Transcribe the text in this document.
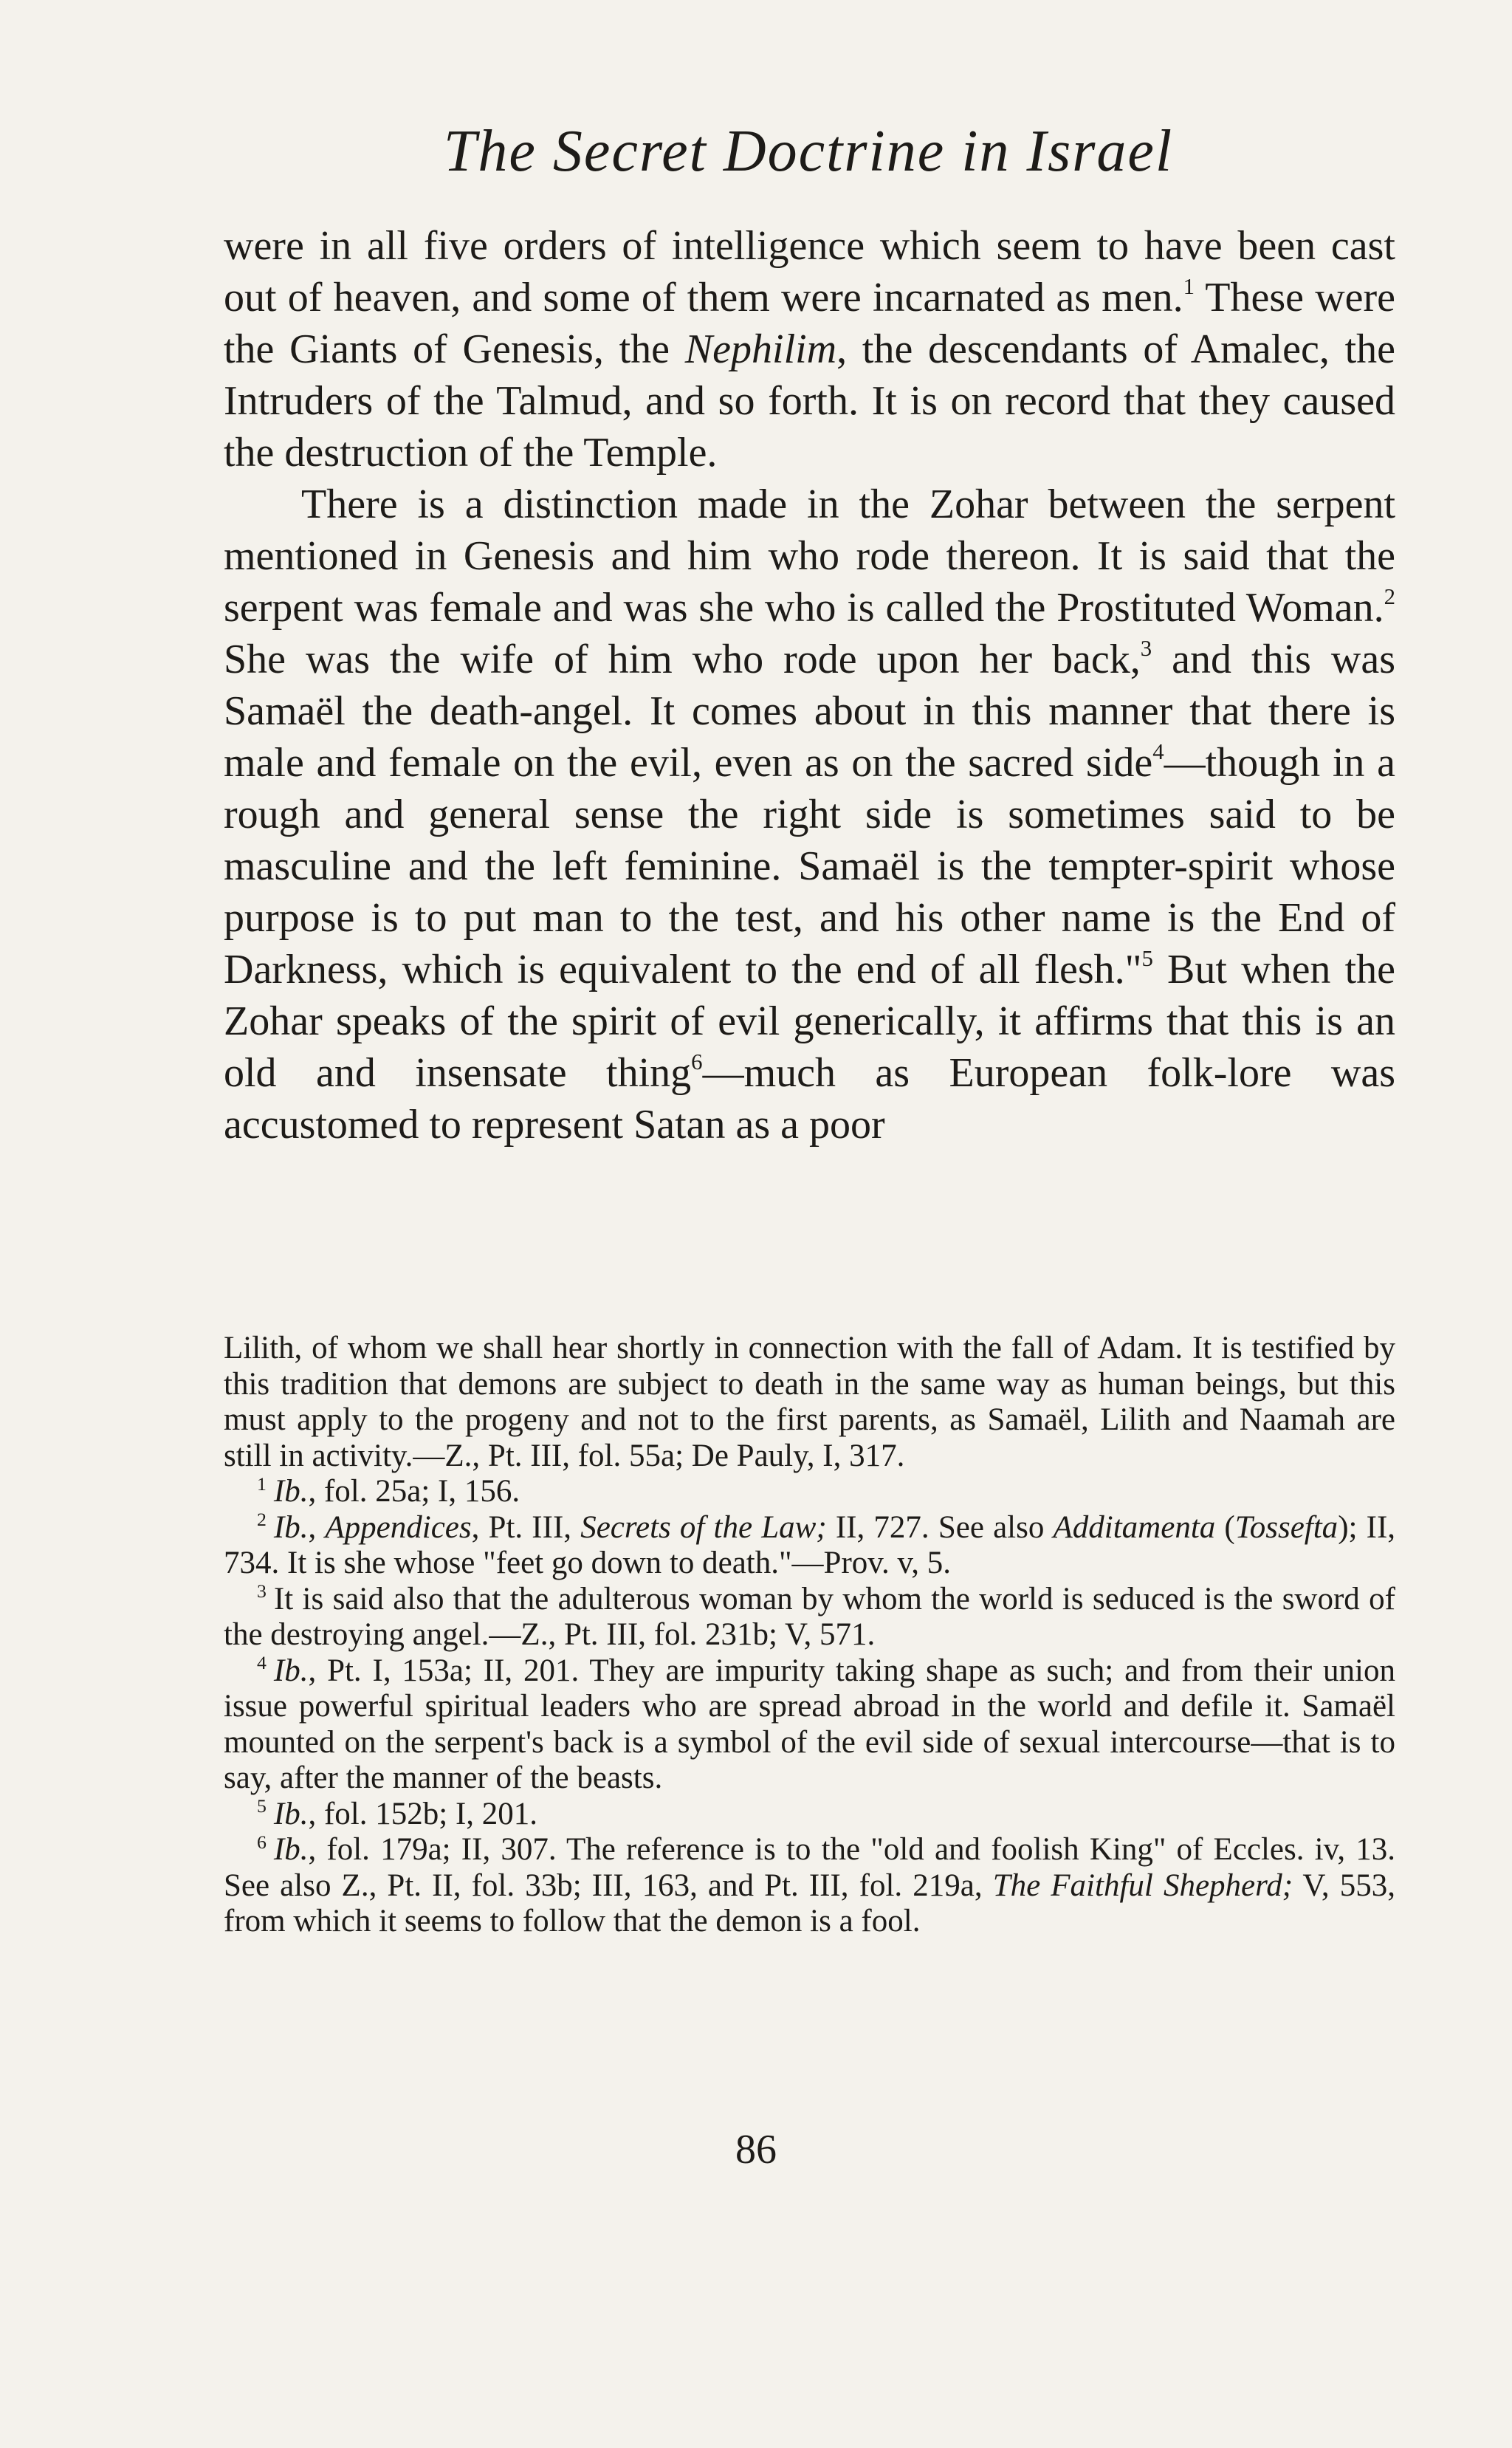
The Secret Doctrine in Israel

were in all five orders of intelligence which seem to have been cast out of heaven, and some of them were incarnated as men.$^1$ These were the Giants of Genesis, the Nephilim, the descendants of Amalec, the Intruders of the Talmud, and so forth. It is on record that they caused the destruction of the Temple.

There is a distinction made in the Zohar between the serpent mentioned in Genesis and him who rode thereon. It is said that the serpent was female and was she who is called the Prostituted Woman.$^2$ She was the wife of him who rode upon her back,$^3$ and this was Samaël the death-angel. It comes about in this manner that there is male and female on the evil, even as on the sacred side$^4$—though in a rough and general sense the right side is sometimes said to be masculine and the left feminine. Samaël is the tempter-spirit whose purpose is to put man to the test, and his other name is the End of Darkness, which is equivalent to the end of all flesh."$^5$ But when the Zohar speaks of the spirit of evil generically, it affirms that this is an old and insensate thing$^6$—much as European folk-lore was accustomed to represent Satan as a poor

Lilith, of whom we shall hear shortly in connection with the fall of Adam. It is testified by this tradition that demons are subject to death in the same way as human beings, but this must apply to the progeny and not to the first parents, as Samaël, Lilith and Naamah are still in activity.—Z., Pt. III, fol. 55a; De Pauly, I, 317.

$^1$ Ib., fol. 25a; I, 156.

$^2$ Ib., Appendices, Pt. III, Secrets of the Law; II, 727. See also Additamenta (Tossefta); II, 734. It is she whose "feet go down to death."—Prov. v, 5.

$^3$ It is said also that the adulterous woman by whom the world is seduced is the sword of the destroying angel.—Z., Pt. III, fol. 231b; V, 571.

$^4$ Ib., Pt. I, 153a; II, 201. They are impurity taking shape as such; and from their union issue powerful spiritual leaders who are spread abroad in the world and defile it. Samaël mounted on the serpent's back is a symbol of the evil side of sexual intercourse—that is to say, after the manner of the beasts.

$^5$ Ib., fol. 152b; I, 201.

$^6$ Ib., fol. 179a; II, 307. The reference is to the "old and foolish King" of Eccles. iv, 13. See also Z., Pt. II, fol. 33b; III, 163, and Pt. III, fol. 219a, The Faithful Shepherd; V, 553, from which it seems to follow that the demon is a fool.

86
